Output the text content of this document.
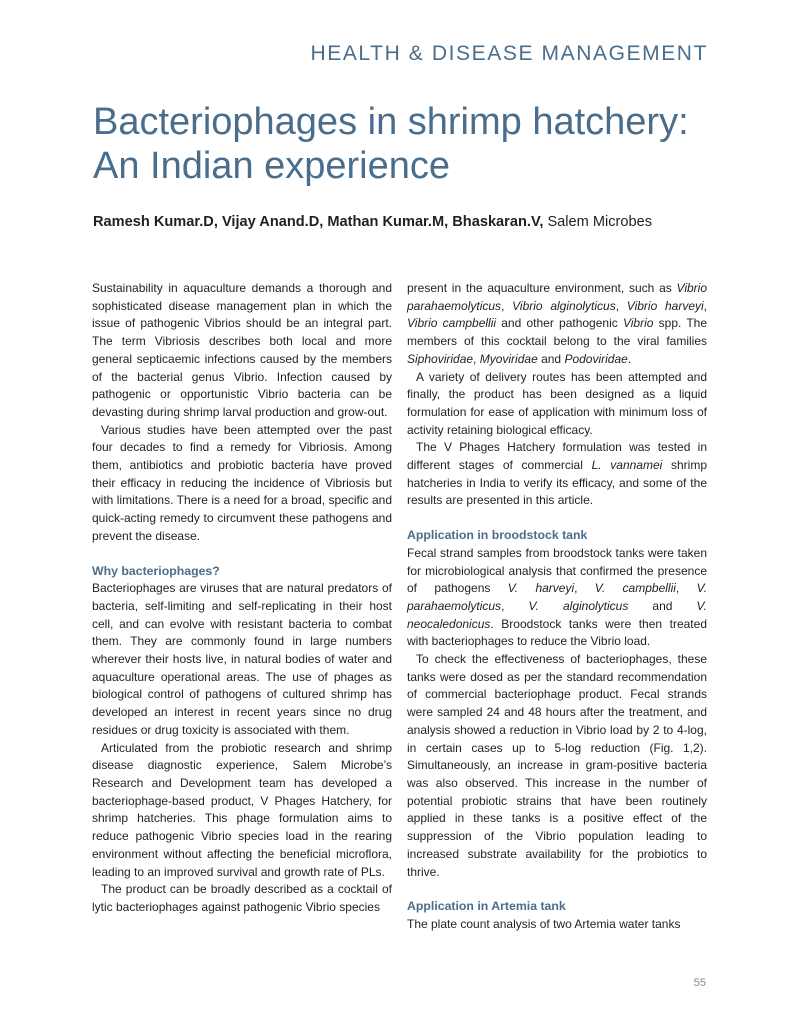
HEALTH & DISEASE MANAGEMENT
Bacteriophages in shrimp hatchery: An Indian experience

Ramesh Kumar.D, Vijay Anand.D, Mathan Kumar.M, Bhaskaran.V, Salem Microbes

Sustainability in aquaculture demands a thorough and sophisticated disease management plan in which the issue of pathogenic Vibrios should be an integral part. The term Vibriosis describes both local and more general septicaemic infections caused by the members of the bacterial genus Vibrio. Infection caused by pathogenic or opportunistic Vibrio bacteria can be devasting during shrimp larval production and grow-out.

Various studies have been attempted over the past four decades to find a remedy for Vibriosis. Among them, antibiotics and probiotic bacteria have proved their efficacy in reducing the incidence of Vibriosis but with limitations. There is a need for a broad, specific and quick-acting remedy to circumvent these pathogens and prevent the disease.

Why bacteriophages?

Bacteriophages are viruses that are natural predators of bacteria, self-limiting and self-replicating in their host cell, and can evolve with resistant bacteria to combat them. They are commonly found in large numbers wherever their hosts live, in natural bodies of water and aquaculture operational areas. The use of phages as biological control of pathogens of cultured shrimp has developed an interest in recent years since no drug residues or drug toxicity is associated with them.

Articulated from the probiotic research and shrimp disease diagnostic experience, Salem Microbe’s Research and Development team has developed a bacteriophage-based product, V Phages Hatchery, for shrimp hatcheries. This phage formulation aims to reduce pathogenic Vibrio species load in the rearing environment without affecting the beneficial microflora, leading to an improved survival and growth rate of PLs.

The product can be broadly described as a cocktail of lytic bacteriophages against pathogenic Vibrio species

present in the aquaculture environment, such as Vibrio parahaemolyticus, Vibrio alginolyticus, Vibrio harveyi, Vibrio campbellii and other pathogenic Vibrio spp. The members of this cocktail belong to the viral families Siphoviridae, Myoviridae and Podoviridae.

A variety of delivery routes has been attempted and finally, the product has been designed as a liquid formulation for ease of application with minimum loss of activity retaining biological efficacy.

The V Phages Hatchery formulation was tested in different stages of commercial L. vannamei shrimp hatcheries in India to verify its efficacy, and some of the results are presented in this article.

Application in broodstock tank

Fecal strand samples from broodstock tanks were taken for microbiological analysis that confirmed the presence of pathogens V. harveyi, V. campbellii, V. parahaemolyticus, V. alginolyticus and V. neocaledonicus. Broodstock tanks were then treated with bacteriophages to reduce the Vibrio load.

To check the effectiveness of bacteriophages, these tanks were dosed as per the standard recommendation of commercial bacteriophage product. Fecal strands were sampled 24 and 48 hours after the treatment, and analysis showed a reduction in Vibrio load by 2 to 4-log, in certain cases up to 5-log reduction (Fig. 1,2). Simultaneously, an increase in gram-positive bacteria was also observed. This increase in the number of potential probiotic strains that have been routinely applied in these tanks is a positive effect of the suppression of the Vibrio population leading to increased substrate availability for the probiotics to thrive.

Application in Artemia tank

The plate count analysis of two Artemia water tanks

55
